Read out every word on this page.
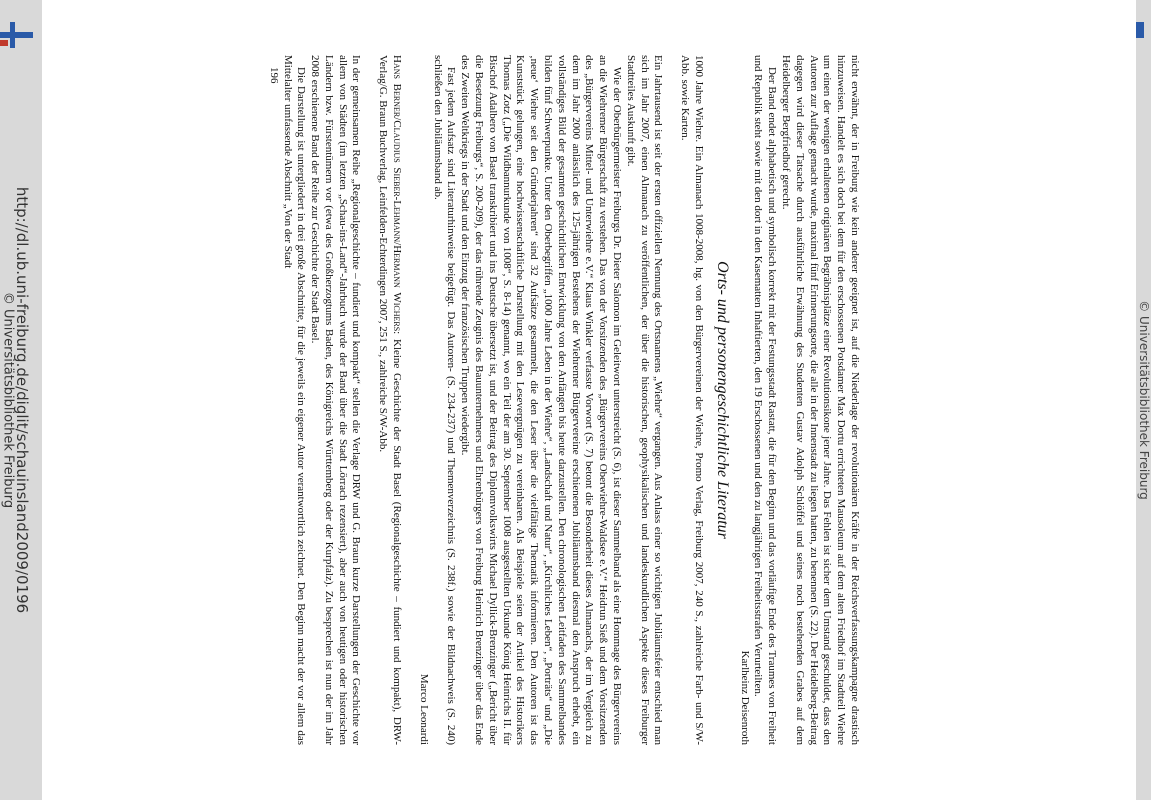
http://dl.ub.uni-freiburg.de/diglit/schauinsland2009/0196
© Universitätsbibliothek Freiburg	© Universitätsbibliothek Freiburg

nicht erwähnt, der in Freiburg wie kein anderer geeignet ist, auf die Niederlage der revolutionären Kräfte in der Reichsverfassungskampagne drastisch hinzuweisen. Handelt es sich doch bei dem für den erschossenen Potsdamer Max Dortu errichteten Mausoleum auf dem alten Friedhof im Stadtteil Wiehre um einen der wenigen erhaltenen originären Begräbnisplätze einer Revolutionsikone jener Jahre. Das Fehlen ist sicher dem Umstand geschuldet, dass den Autoren zur Auflage gemacht wurde, maximal fünf Erinnerungsorte, die alle in der Innenstadt zu liegen hatten, zu benennen (S. 22). Der Heidelberg-Beitrag dagegen wird dieser Tatsache durch ausführliche Erwähnung des Studenten Gustav Adolph Schlöffel und seines noch bestehenden Grabes auf dem Heidelberger Bergfriedhof gerecht.

Der Band endet alphabetisch und symbolisch korrekt mit der Festungsstadt Rastatt, die für den Beginn und das vorläufige Ende des Traumes von Freiheit und Republik steht sowie mit den dort in den Kasematten Inhaftierten, den 19 Erschossenen und den zu langjährigen Freiheitsstrafen Verurteilten.

Karlheinz Deisenroth

Orts- und personengeschichtliche Literatur

1000 Jahre Wiehre. Ein Almanach 1008-2008, hg. von den Bürgervereinen der Wiehre, Promo Verlag, Freiburg 2007, 240 S., zahlreiche Farb- und S/W-Abb. sowie Karten.

Ein Jahrtausend ist seit der ersten offiziellen Nennung des Ortsnamens „Wiehre“ vergangen. Aus Anlass einer so wichtigen Jubiläumsfeier entschied man sich im Jahr 2007, einen Almanach zu veröffentlichen, der über die historischen, geophysikalischen und landeskundlichen Aspekte dieses Freiburger Stadtteiles Auskunft gibt.

Wie der Oberbürgermeister Freiburgs Dr. Dieter Salomon im Geleitwort unterstreicht (S. 6), ist dieser Sammelband als eine Hommage des Bürgervereins an die Wiehremer Bürgerschaft zu verstehen. Das von der Vorsitzenden des „Bürgervereins Oberwiehre-Waldsee e.V.“ Heidrun Sieß und dem Vorsitzenden des „Bürgervereins Mittel- und Unterwiehre e.V.“ Klaus Winkler verfasste Vorwort (S. 7) betont die Besonderheit dieses Almanachs, der im Vergleich zu dem im Jahr 2000 anlässlich des 125-jährigen Bestehens der Wiehremer Bürgervereine erschienenen Jubiläumsband diesmal den Anspruch erhebt, ein vollständiges Bild der gesamten geschichtlichen Entwicklung von den Anfängen bis heute darzustellen. Den chronologischen Leitfaden des Sammelbandes bilden fünf Schwerpunkte. Unter den Oberbegriffen „1000 Jahre Leben in der Wiehre“, „Landschaft und Natur“, „Kirchliches Leben“, „Porträts“ und „Die ‚neue‘ Wiehre seit den Gründerjahren“ sind 32 Aufsätze gesammelt, die den Leser über die vielfältige Thematik informieren. Den Autoren ist das Kunststück gelungen, eine hochwissenschaftliche Darstellung mit den Lesevergnügen zu vereinbaren. Als Beispiele seien der Artikel des Historikers Thomas Zotz („Die Wildbannurkunde von 1008“, S. 8-14) genannt, wo ein Teil der am 30. September 1008 ausgestellten Urkunde König Heinrichs II. für Bischof Adalbero von Basel transkribiert und ins Deutsche übersetzt ist, und der Beitrag des Diplomvolkswirts Michael Dyllick-Brenzinger („Bericht über die Besetzung Freiburgs“, S. 200-209), der das rührende Zeugnis des Bauunternehmers und Ehrenbürgers von Freiburg Heinrich Brenzinger über das Ende des Zweiten Weltkriegs in der Stadt und den Einzug der französischen Truppen wiedergibt.

Fast jedem Aufsatz sind Literaturhinweise beigefügt. Das Autoren- (S. 234-237) und Themenverzeichnis (S. 238f.) sowie der Bildnachweis (S. 240) schließen den Jubiläumsband ab.

Marco Leonardi

Hans Berner/Claudius Sieber-Lehmann/Hermann Wichers: Kleine Geschichte der Stadt Basel (Regionalgeschichte – fundiert und kompakt), DRW-Verlag/G. Braun Buchverlag, Leinfelden-Echterdingen 2007, 251 S., zahlreiche S/W-Abb.

In der gemeinsamen Reihe „Regionalgeschichte – fundiert und kompakt“ stellen die Verlage DRW und G. Braun kurze Darstellungen der Geschichte vor allem von Städten (im letzten „Schau-ins-Land“-Jahrbuch wurde der Band über die Stadt Lörrach rezensiert), aber auch von heutigen oder historischen Ländern bzw. Fürstentümern vor (etwa des Großherzogtums Baden, des Königreichs Württemberg oder der Kurpfalz). Zu besprechen ist nun der im Jahr 2008 erschienene Band der Reihe zur Geschichte der Stadt Basel.

Die Darstellung ist untergliedert in drei große Abschnitte, für die jeweils ein eigener Autor verantwortlich zeichnet. Den Beginn macht der vor allem das Mittelalter umfassende Abschnitt „Von der Stadt

196
